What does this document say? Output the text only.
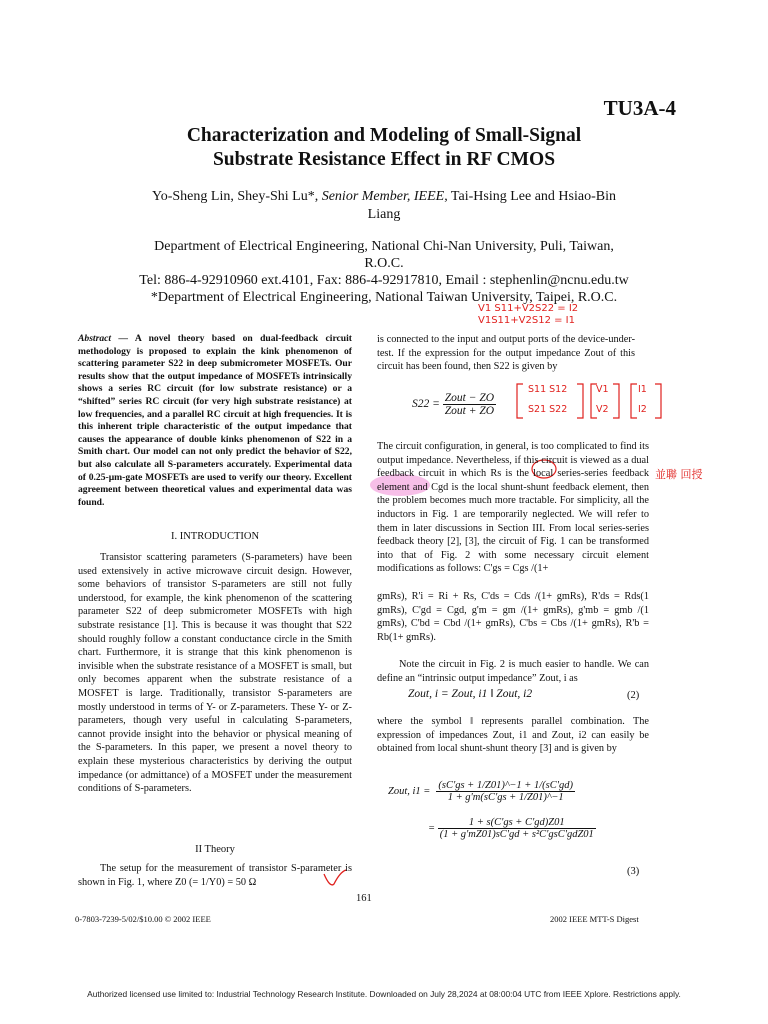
TU3A-4
Characterization and Modeling of Small-Signal
Substrate Resistance Effect in RF CMOS
Yo-Sheng Lin, Shey-Shi Lu*, Senior Member, IEEE, Tai-Hsing Lee and Hsiao-Bin
Liang
Department of Electrical Engineering, National Chi-Nan University, Puli, Taiwan,
R.O.C.
Tel: 886-4-92910960 ext.4101, Fax: 886-4-92917810, Email : stephenlin@ncnu.edu.tw
*Department of Electrical Engineering, National Taiwan University, Taipei, R.O.C.
V1 S11+V2S22 = I2
V1S11+V2S12 = I1
S11 S12
S21 S22
V1
V2
I1
I2
並聯 回授

Abstract — A novel theory based on dual-feedback circuit methodology is proposed to explain the kink phenomenon of scattering parameter S22 in deep submicrometer MOSFETs. Our results show that the output impedance of MOSFETs intrinsically shows a series RC circuit (for low substrate resistance) or a “shifted” series RC circuit (for very high substrate resistance) at low frequencies, and a parallel RC circuit at high frequencies. It is this inherent triple characteristic of the output impedance that causes the appearance of double kinks phenomenon of S22 in a Smith chart. Our model can not only predict the behavior of S22, but also calculate all S-parameters accurately. Experimental data of 0.25-μm-gate MOSFETs are used to verify our theory. Excellent agreement between theoretical values and experimental data was found.

I. INTRODUCTION

Transistor scattering parameters (S-parameters) have been used extensively in active microwave circuit design. However, some behaviors of transistor S-parameters are still not fully understood, for example, the kink phenomenon of the scattering parameter S22 of deep submicrometer MOSFETs with high substrate resistance [1]. This is because it was thought that S22 should roughly follow a constant conductance circle in the Smith chart. Furthermore, it is strange that this kink phenomenon is invisible when the substrate resistance of a MOSFET is small, but only becomes apparent when the substrate resistance of a MOSFET is large. Traditionally, transistor S-parameters are mostly understood in terms of Y- or Z-parameters. These Y- or Z-parameters, though very useful in calculating S-parameters, cannot provide insight into the behavior or physical meaning of the S-parameters. In this paper, we present a novel theory to explain these mysterious characteristics by deriving the output impedance (or admittance) of a MOSFET under the measurement conditions of S-parameters.

II Theory

The setup for the measurement of transistor S-parameter is shown in Fig. 1, where Z0 (= 1/Y0) = 50 Ω

is connected to the input and output ports of the device-under-test. If the expression for the output impedance Zout of this circuit has been found, then S22 is given by

$S22 = \frac{\text{Zout − ZO}}{\text{Zout + ZO}}$

The circuit configuration, in general, is too complicated to find its output impedance. Nevertheless, if this circuit is viewed as a dual feedback circuit in which Rs is the local series-series feedback element and Cgd is the local shunt-shunt feedback element, then the problem becomes much more tractable. For simplicity, all the inductors in Fig. 1 are temporarily neglected. We will refer to them in later discussions in Section III. From local series-series feedback theory [2], [3], the circuit of Fig. 1 can be transformed into that of Fig. 2 with some necessary circuit element modifications as follows: C'gs = Cgs /(1+

gmRs), R'i = Ri + Rs, C'ds = Cds /(1+ gmRs), R'ds = Rds(1 gmRs), C'gd = Cgd, g'm = gm /(1+ gmRs), g'mb = gmb /(1 gmRs), C'bd = Cbd /(1+ gmRs), C'bs = Cbs /(1+ gmRs), R'b = Rb(1+ gmRs).

Note the circuit in Fig. 2 is much easier to handle. We can define an “intrinsic output impedance” Zout, i as

Zout, i = Zout, i1 ‖ Zout, i2	(2)

where the symbol ‖ represents parallel combination. The expression of impedances Zout, i1 and Zout, i2 can easily be obtained from local shunt-shunt theory [3] and is given by

Zout, $i1 = \frac{(sC'gs + 1/Z01)\^{}-1 + 1/(sC'gd)}{1 + g'm(sC'gs + 1/Z01)\^{}-1}$
= $\frac{1 + s(C'gs + C'gd)Z01}{\text{(1 + g'mZ01)sC'gd + s²C'gsC'gdZ01}}$
(3)
161
0-7803-7239-5/02/$10.00 © 2002 IEEE	2002 IEEE MTT-S Digest
Authorized licensed use limited to: Industrial Technology Research Institute. Downloaded on July 28,2024 at 08:00:04 UTC from IEEE Xplore. Restrictions apply.
